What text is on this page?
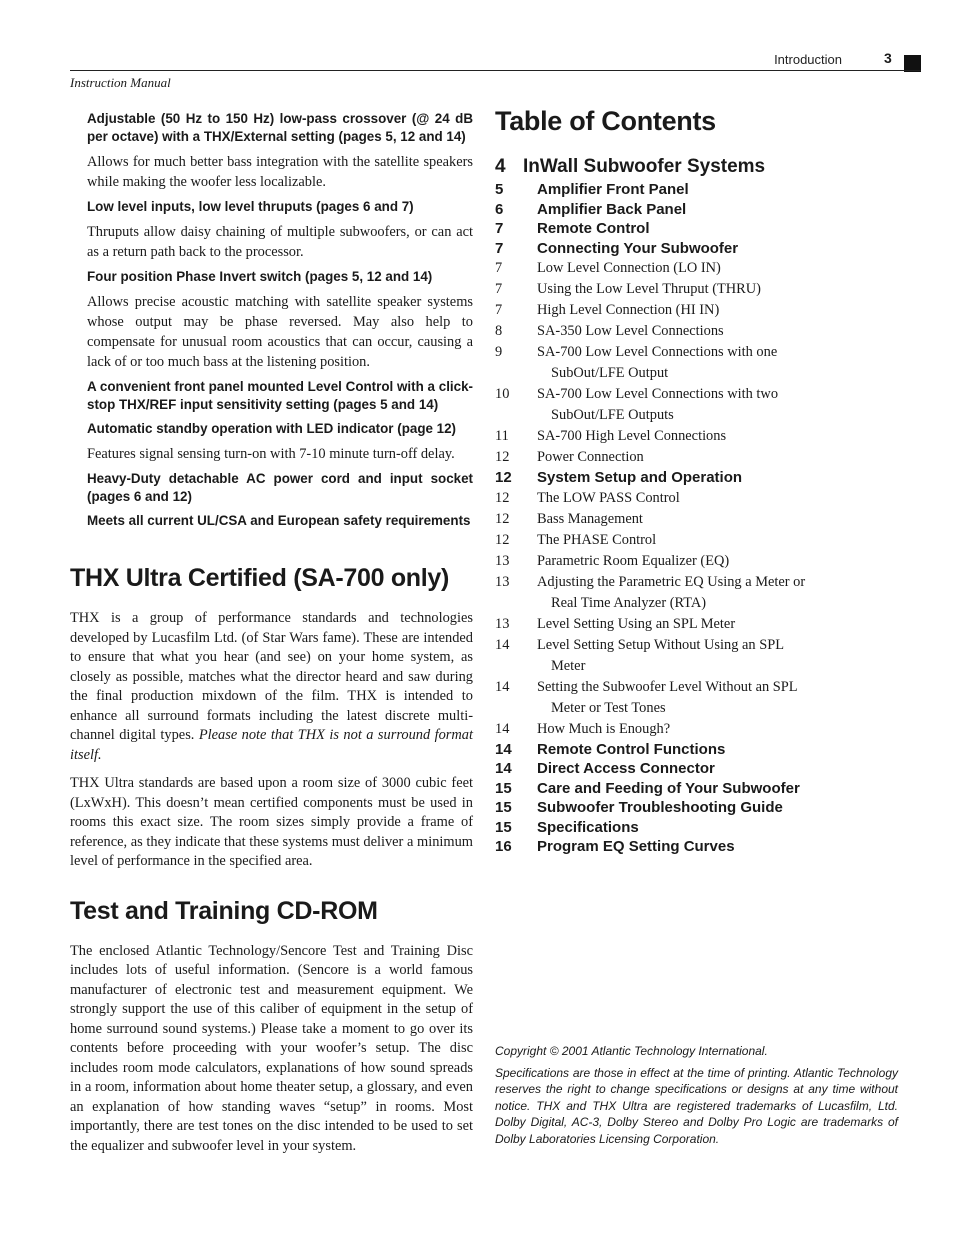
Introduction	3
Instruction Manual

Adjustable (50 Hz to 150 Hz) low-pass crossover (@ 24 dB per octave) with a THX/External setting (pages 5, 12 and 14)

Allows for much better bass integration with the satellite speakers while making the woofer less localizable.

Low level inputs, low level thruputs (pages 6 and 7)

Thruputs allow daisy chaining of multiple subwoofers, or can act as a return path back to the processor.

Four position Phase Invert switch (pages 5, 12 and 14)

Allows precise acoustic matching with satellite speaker systems whose output may be phase reversed. May also help to compensate for unusual room acoustics that can occur, causing a lack of or too much bass at the listening position.

A convenient front panel mounted Level Control with a click-stop THX/REF input sensitivity setting (pages 5 and 14)

Automatic standby operation with LED indicator (page 12)

Features signal sensing turn-on with 7-10 minute turn-off delay.

Heavy-Duty detachable AC power cord and input socket (pages 6 and 12)

Meets all current UL/CSA and European safety requirements

THX Ultra Certified (SA-700 only)

THX is a group of performance standards and technologies developed by Lucasfilm Ltd. (of Star Wars fame). These are intended to ensure that what you hear (and see) on your home system, as closely as possible, matches what the director heard and saw during the final production mixdown of the film. THX is intended to enhance all surround formats including the latest discrete multi-channel digital types. Please note that THX is not a surround format itself.

THX Ultra standards are based upon a room size of 3000 cubic feet (LxWxH). This doesn’t mean certified components must be used in rooms this exact size. The room sizes simply provide a frame of reference, as they indicate that these systems must deliver a minimum level of performance in the specified area.

Test and Training CD-ROM

The enclosed Atlantic Technology/Sencore Test and Training Disc includes lots of useful information. (Sencore is a world famous manufacturer of electronic test and measurement equipment. We strongly support the use of this caliber of equipment in the setup of home surround sound systems.) Please take a moment to go over its contents before proceeding with your woofer’s setup. The disc includes room mode calculators, explanations of how sound spreads in a room, information about home theater setup, a glossary, and even an explanation of how standing waves “setup” in rooms. Most importantly, there are test tones on the disc intended to be used to set the equalizer and subwoofer level in your system.

Table of Contents
4 InWall Subwoofer Systems
5	Amplifier Front Panel
6	Amplifier Back Panel
7	Remote Control
7	Connecting Your Subwoofer
7	Low Level Connection (LO IN)
7	Using the Low Level Thruput (THRU)
7	High Level Connection (HI IN)
8	SA-350 Low Level Connections
9	SA-700 Low Level Connections with one SubOut/LFE Output
10	SA-700 Low Level Connections with two SubOut/LFE Outputs
11	SA-700 High Level Connections
12	Power Connection
12	System Setup and Operation
12	The LOW PASS Control
12	Bass Management
12	The PHASE Control
13	Parametric Room Equalizer (EQ)
13	Adjusting the Parametric EQ Using a Meter or Real Time Analyzer (RTA)
13	Level Setting Using an SPL Meter
14	Level Setting Setup Without Using an SPL Meter
14	Setting the Subwoofer Level Without an SPL Meter or Test Tones
14	How Much is Enough?
14	Remote Control Functions
14	Direct Access Connector
15	Care and Feeding of Your Subwoofer
15	Subwoofer Troubleshooting Guide
15	Specifications
16	Program EQ Setting Curves

Copyright © 2001 Atlantic Technology International.

Specifications are those in effect at the time of printing. Atlantic Technology reserves the right to change specifications or designs at any time without notice. THX and THX Ultra are registered trademarks of Lucasfilm, Ltd. Dolby Digital, AC-3, Dolby Stereo and Dolby Pro Logic are trademarks of Dolby Laboratories Licensing Corporation.
